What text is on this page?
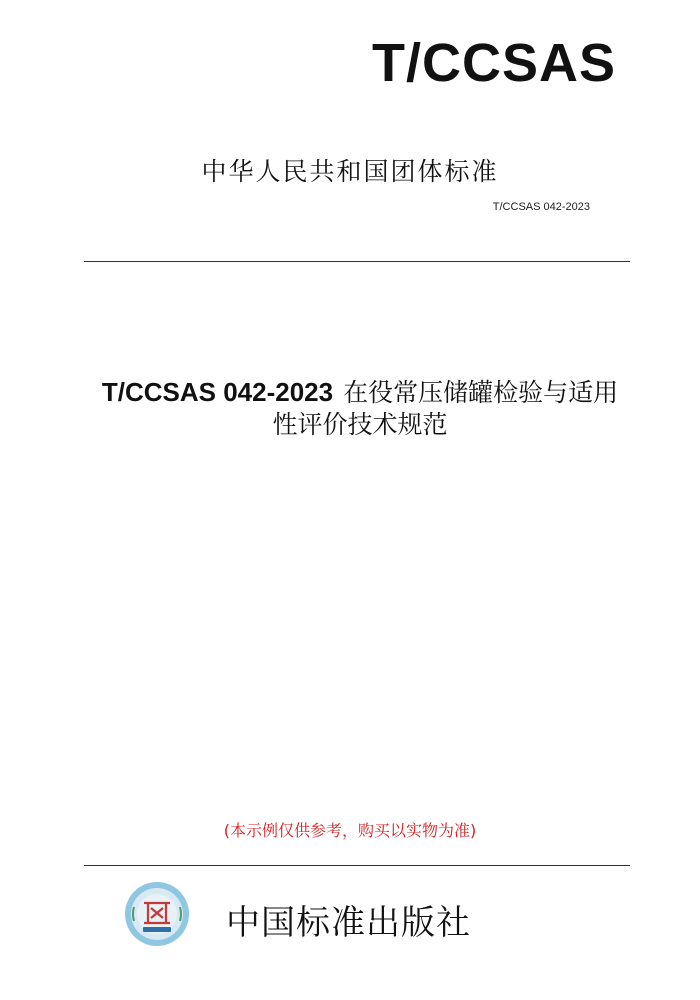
T/CCSAS
中华人民共和国团体标准
T/CCSAS 042-2023
T/CCSAS 042-2023 在役常压储罐检验与适用
性评价技术规范
(本示例仅供参考，购买以实物为准)
中国标准出版社
